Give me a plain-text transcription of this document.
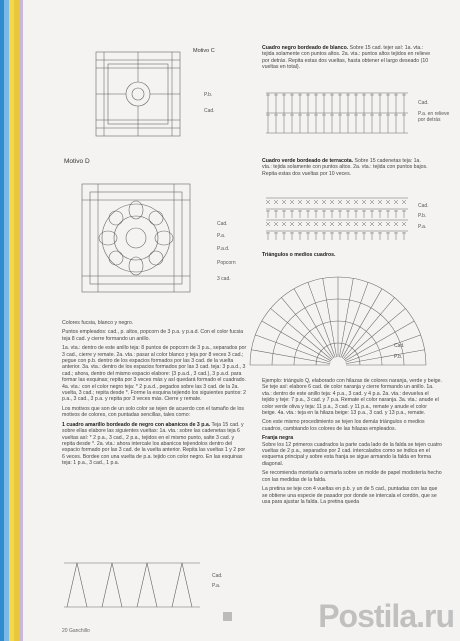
Motivo C
P.b.
Cad.
Motivo D
Cad.
P.a.
P.a.d.
Popcorn
3 cad.

Colores fucsia, blanco y negro.

Puntos empleados: cad., p. altos, popcorn de 3 p.a. y p.a.d. Con el color fucsia teja 8 cad. y cierre formando un anillo.

1a. vta.: dentro de este anillo teja: 8 puntos de popcorn de 3 p.a., separados por 3 cad., cierre y remate. 2a. vta.: pasar al color blanco y teja por 8 veces 3 cad.; pegue con p.b. dentro de los espacios formados por las 3 cad. de la vuelta anterior. 3a. vta.: dentro de los espacios formados por las 3 cad. teja: 3 p.a.d., 3 cad.; ahora, dentro del mismo espacio elabore: (3 p.a.d., 3 cad.), 3 p.a.d. para formar las esquinas; repita por 3 veces más y así quedará formado el cuadrado. 4a. vta.: con el color negro teja: * 2 p.a.d., pegados sobre las 3 cad. de la 2a. vuelta, 3 cad.; repita desde *. Forme la esquina tejiendo los siguientes puntos: 2 p.a., 3 cad., 3 p.a. y repita por 3 veces más. Cierre y remate.

Los motivos que son de un solo color se tejen de acuerdo con el tamaño de los motivos de colores, con puntadas sencillas, tales como:

1 cuadro amarillo bordeado de negro con abanicos de 3 p.a. Teja 15 cad. y sobre ellas elabore las siguientes vueltas: 1a. vta.: sobre las cadenetas teja 6 vueltas así: * 2 p.a., 3 cad., 2 p.a., tejidos en el mismo punto, salte 3 cad. y repita desde *. 2a. vta.: ahora intercale los abanicos tejiendolos dentro del espacio formado por las 3 cad. de la vuelta anterior. Repita las vueltas 1 y 2 por 6 veces. Bordee con una vuelta de p.a. tejido con color negro. En las esquinas teja: 1 p.a., 3 cad., 1 p.a.

Cad.
P.a.

Cuadro negro bordeado de blanco. Sobre 15 cad. tejer así: 1a. vta.: tejida solamente con puntos altos. 2a. vta.: puntos altos tejidos en relieve por detrás. Repita estas dos vueltas, hasta obtener el largo deseado (10 vueltas en total).

Cad.
P.a. en relieve por detrás

Cuadro verde bordeado de terracota. Sobre 15 cadenetas teja: 1a. vta.: tejida solamente con puntos altos. 2a. vta.: tejida con puntos bajos. Repita estas dos vueltas por 10 veces.

Cad.
P.b.
P.a.
Triángulos o medios cuadros.
Cad.
P.b.

Ejemplo: triángulo Q, elaborado con hilazas de colores naranja, verde y beige. Se teje así: elabore 6 cad. de color naranja y cierre formando un anillo. 1a. vta.: dentro de este anillo teja: 4 p.a., 3 cad. y 4 p.a. 2a. vta.: devuelva el tejido y teje: 7 p.a., 3 cad. y 7 p.a. Remate el color naranja. 3a. vta.: anude el color verde oliva y teja: 11 p.a., 3 cad. y 11 p.a., remate y anude el color beige. 4a. vta.: teja en la hilaza beige: 13 p.a., 3 cad. y 13 p.a., remate.

Con este mismo procedimiento se tejen los demás triángulos o medios cuadros, cambiando los colores de las hilazas empleados.

Franja negra
Sobre los 12 primeros cuadrados la parte cada lado de la falda se tejen cuatro vueltas de 2 p.a., separados por 2 cad. intercalados como se indica en el esquema principal y sobre esta franja se sigue armando la falda en forma diagonal.

Se recomienda montarla o armarla sobre un molde de papel modistería hecho con las medidas de la falda.

La pretina se teje con 4 vueltas en p.b. y un de 5 cad., puntadas con las que se obtiene una especie de pasador por donde se intercala el cordón, que se usa para ajustar la falda. La pretina queda

20 Ganchillo	Postila.ru
